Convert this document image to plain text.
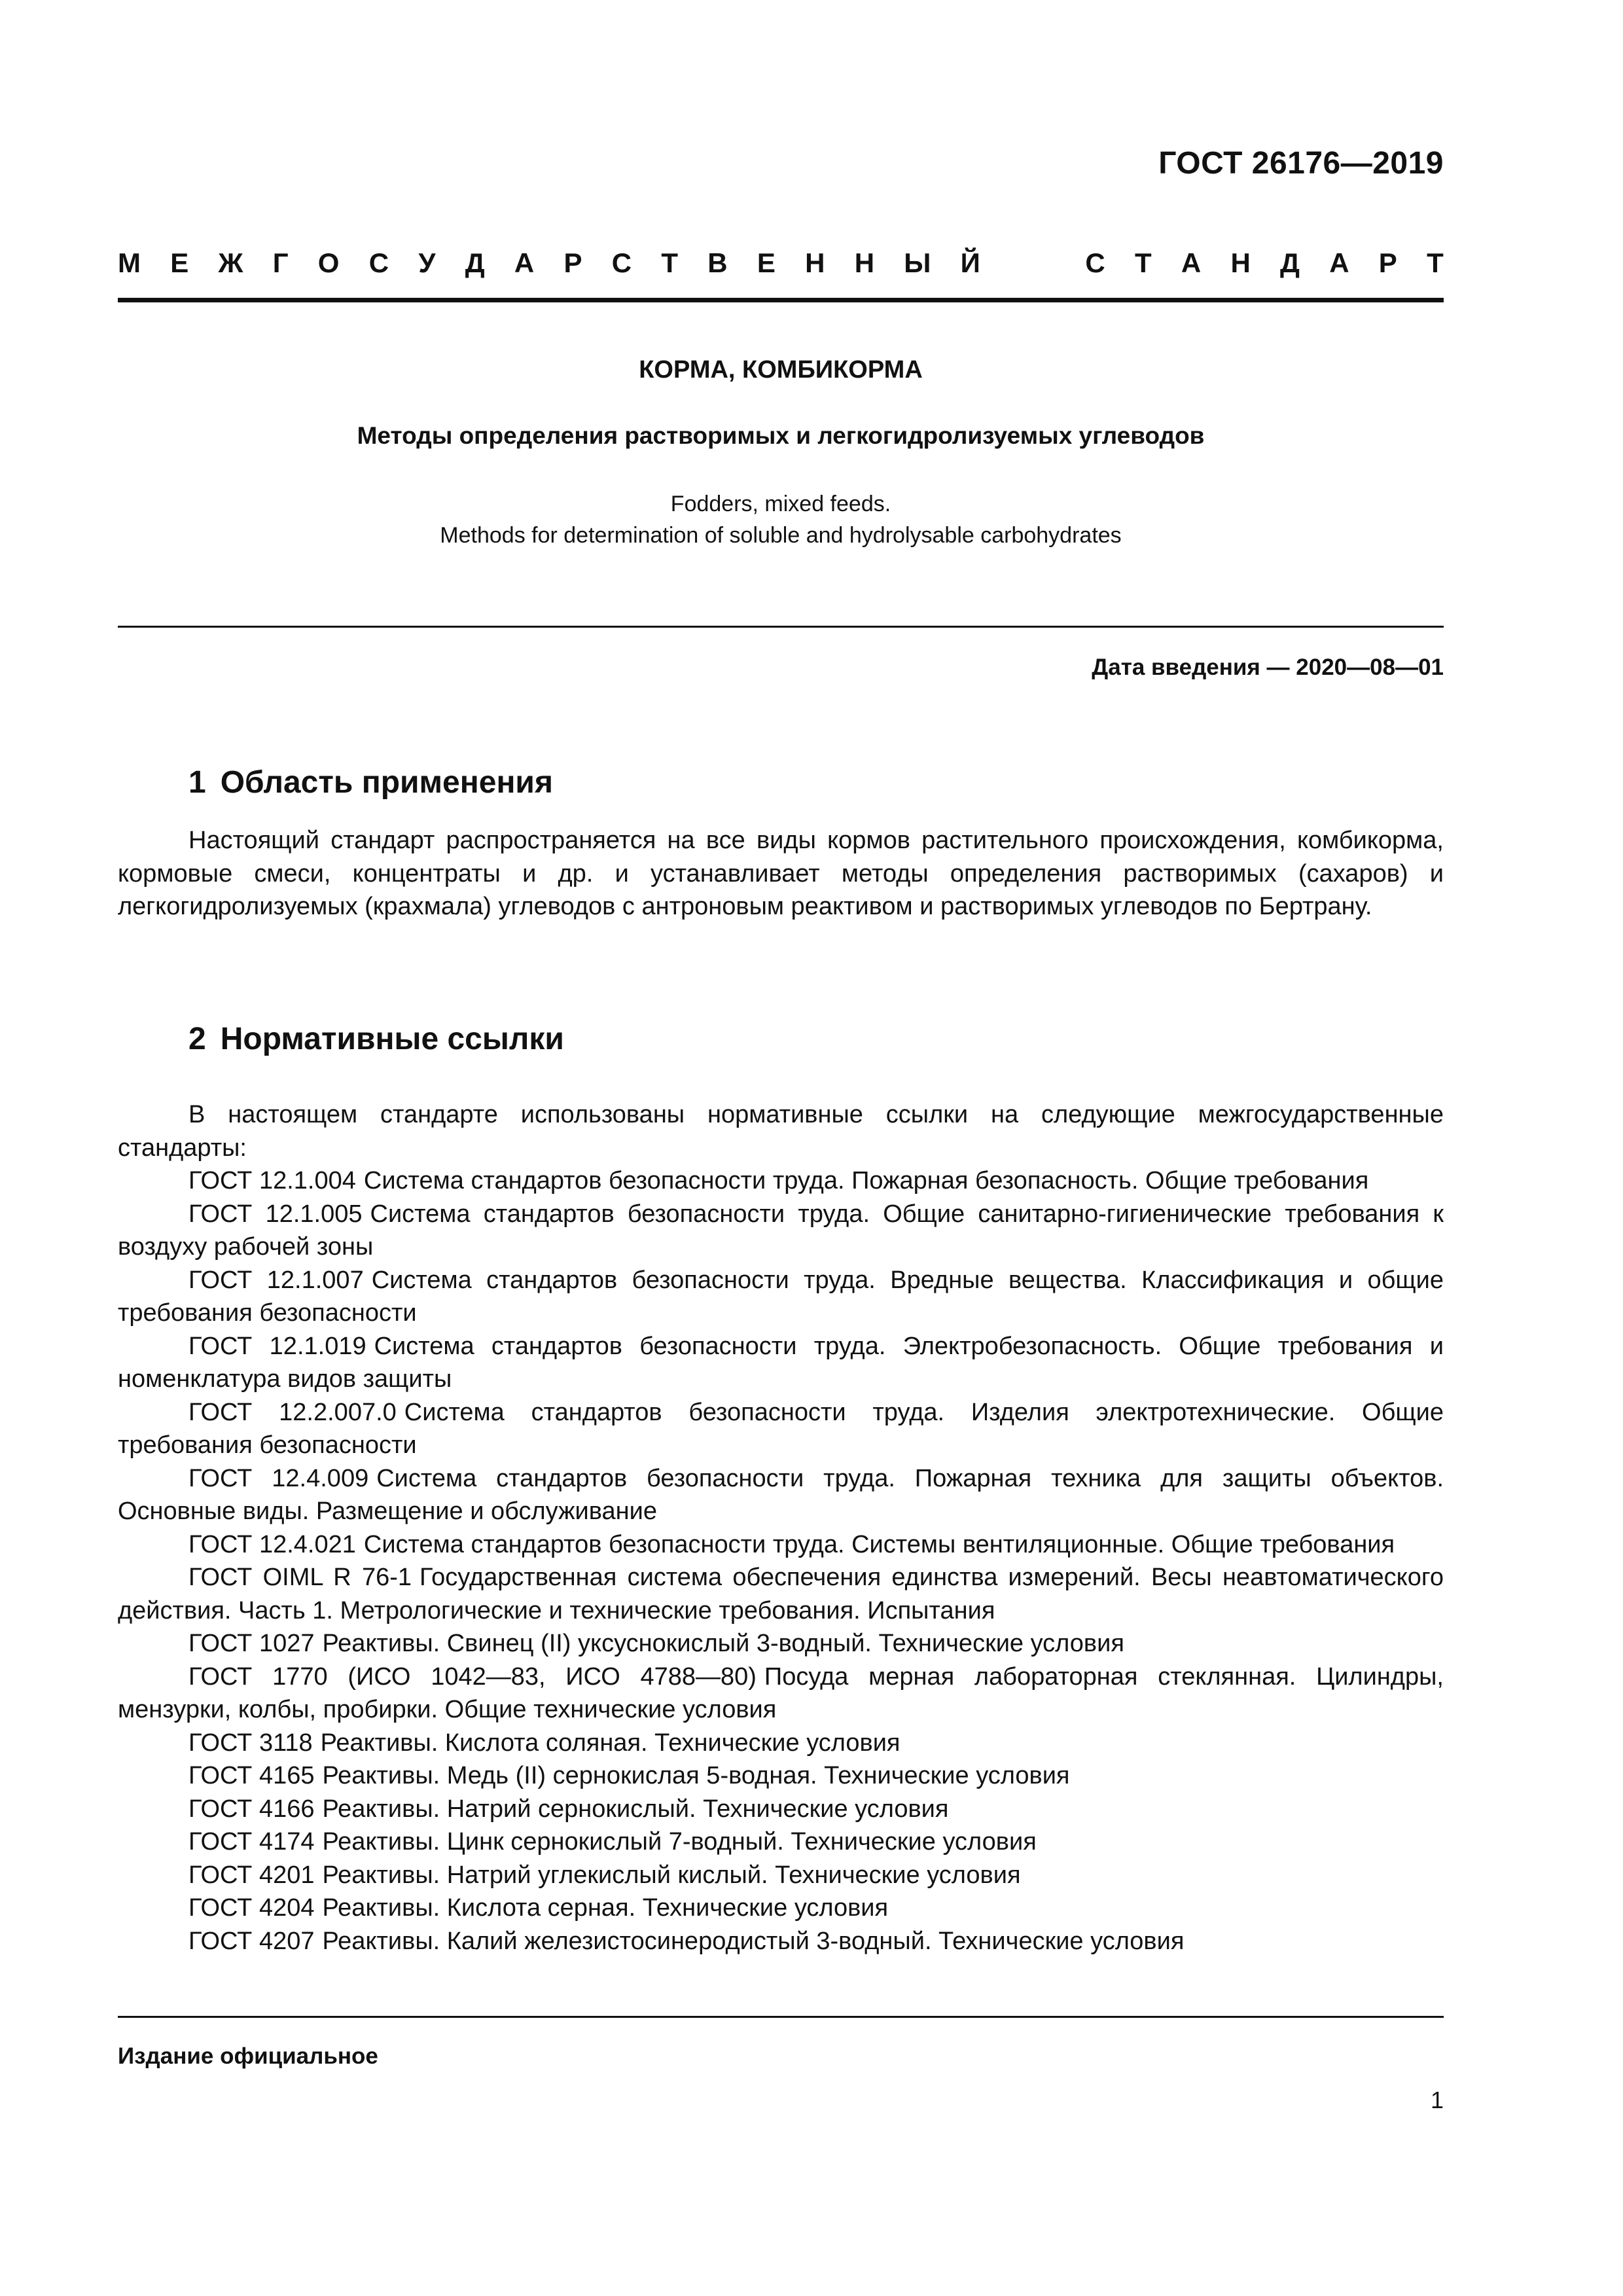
ГОСТ 26176—2019
М Е Ж Г О С У Д А Р С Т В Е Н Н Ы Й	С Т А Н Д А Р Т
КОРМА, КОМБИКОРМА
Методы определения растворимых и легкогидролизуемых углеводов
Fodders, mixed feeds.
Methods for determination of soluble and hydrolysable carbohydrates
Дата введения — 2020—08—01
1 Область применения
Настоящий стандарт распространяется на все виды кормов растительного происхождения, комбикорма, кормовые смеси, концентраты и др. и устанавливает методы определения растворимых (сахаров) и легкогидролизуемых (крахмала) углеводов с антроновым реактивом и растворимых углеводов по Бертрану.
2 Нормативные ссылки
В настоящем стандарте использованы нормативные ссылки на следующие межгосударственные стандарты:
ГОСТ 12.1.004 Система стандартов безопасности труда. Пожарная безопасность. Общие требования
ГОСТ 12.1.005 Система стандартов безопасности труда. Общие санитарно-гигиенические требования к воздуху рабочей зоны
ГОСТ 12.1.007 Система стандартов безопасности труда. Вредные вещества. Классификация и общие требования безопасности
ГОСТ 12.1.019 Система стандартов безопасности труда. Электробезопасность. Общие требования и номенклатура видов защиты
ГОСТ 12.2.007.0 Система стандартов безопасности труда. Изделия электротехнические. Общие требования безопасности
ГОСТ 12.4.009 Система стандартов безопасности труда. Пожарная техника для защиты объектов. Основные виды. Размещение и обслуживание
ГОСТ 12.4.021 Система стандартов безопасности труда. Системы вентиляционные. Общие требования
ГОСТ OIML R 76-1 Государственная система обеспечения единства измерений. Весы неавтоматического действия. Часть 1. Метрологические и технические требования. Испытания
ГОСТ 1027 Реактивы. Свинец (II) уксуснокислый 3-водный. Технические условия
ГОСТ 1770 (ИСО 1042—83, ИСО 4788—80) Посуда мерная лабораторная стеклянная. Цилиндры, мензурки, колбы, пробирки. Общие технические условия
ГОСТ 3118 Реактивы. Кислота соляная. Технические условия
ГОСТ 4165 Реактивы. Медь (II) сернокислая 5-водная. Технические условия
ГОСТ 4166 Реактивы. Натрий сернокислый. Технические условия
ГОСТ 4174 Реактивы. Цинк сернокислый 7-водный. Технические условия
ГОСТ 4201 Реактивы. Натрий углекислый кислый. Технические условия
ГОСТ 4204 Реактивы. Кислота серная. Технические условия
ГОСТ 4207 Реактивы. Калий железистосинеродистый 3-водный. Технические условия
Издание официальное
1
